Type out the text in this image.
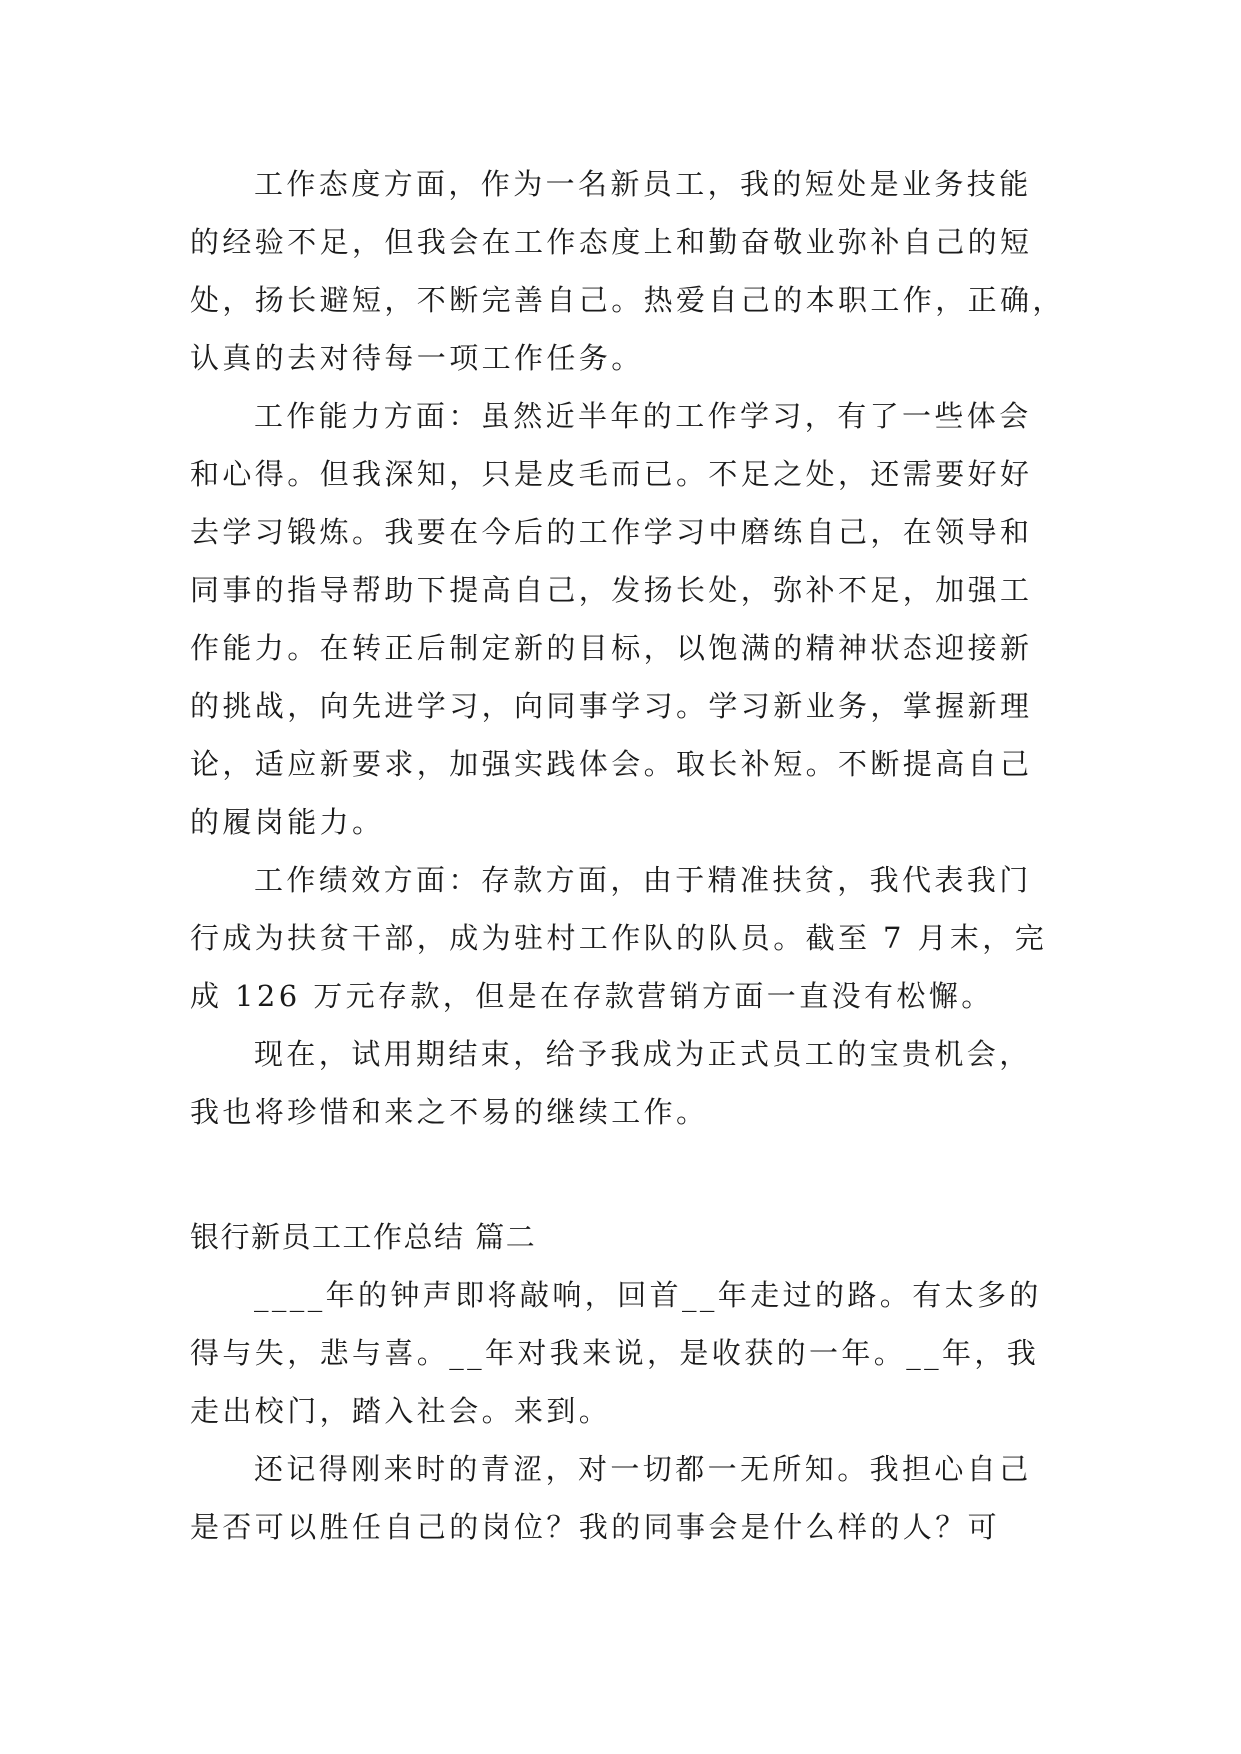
工作态度方面，作为一名新员工，我的短处是业务技能
的经验不足，但我会在工作态度上和勤奋敬业弥补自己的短
处，扬长避短，不断完善自己。热爱自己的本职工作，正确，
认真的去对待每一项工作任务。
工作能力方面：虽然近半年的工作学习，有了一些体会
和心得。但我深知，只是皮毛而已。不足之处，还需要好好
去学习锻炼。我要在今后的工作学习中磨练自己，在领导和
同事的指导帮助下提高自己，发扬长处，弥补不足，加强工
作能力。在转正后制定新的目标，以饱满的精神状态迎接新
的挑战，向先进学习，向同事学习。学习新业务，掌握新理
论，适应新要求，加强实践体会。取长补短。不断提高自己
的履岗能力。
工作绩效方面：存款方面，由于精准扶贫，我代表我门
行成为扶贫干部，成为驻村工作队的队员。截至 7 月末，完
成 126 万元存款，但是在存款营销方面一直没有松懈。
现在，试用期结束，给予我成为正式员工的宝贵机会，
我也将珍惜和来之不易的继续工作。
银行新员工工作总结 篇二
____年的钟声即将敲响，回首__年走过的路。有太多的
得与失，悲与喜。__年对我来说，是收获的一年。__年，我
走出校门，踏入社会。来到。
还记得刚来时的青涩，对一切都一无所知。我担心自己
是否可以胜任自己的岗位？我的同事会是什么样的人？可
